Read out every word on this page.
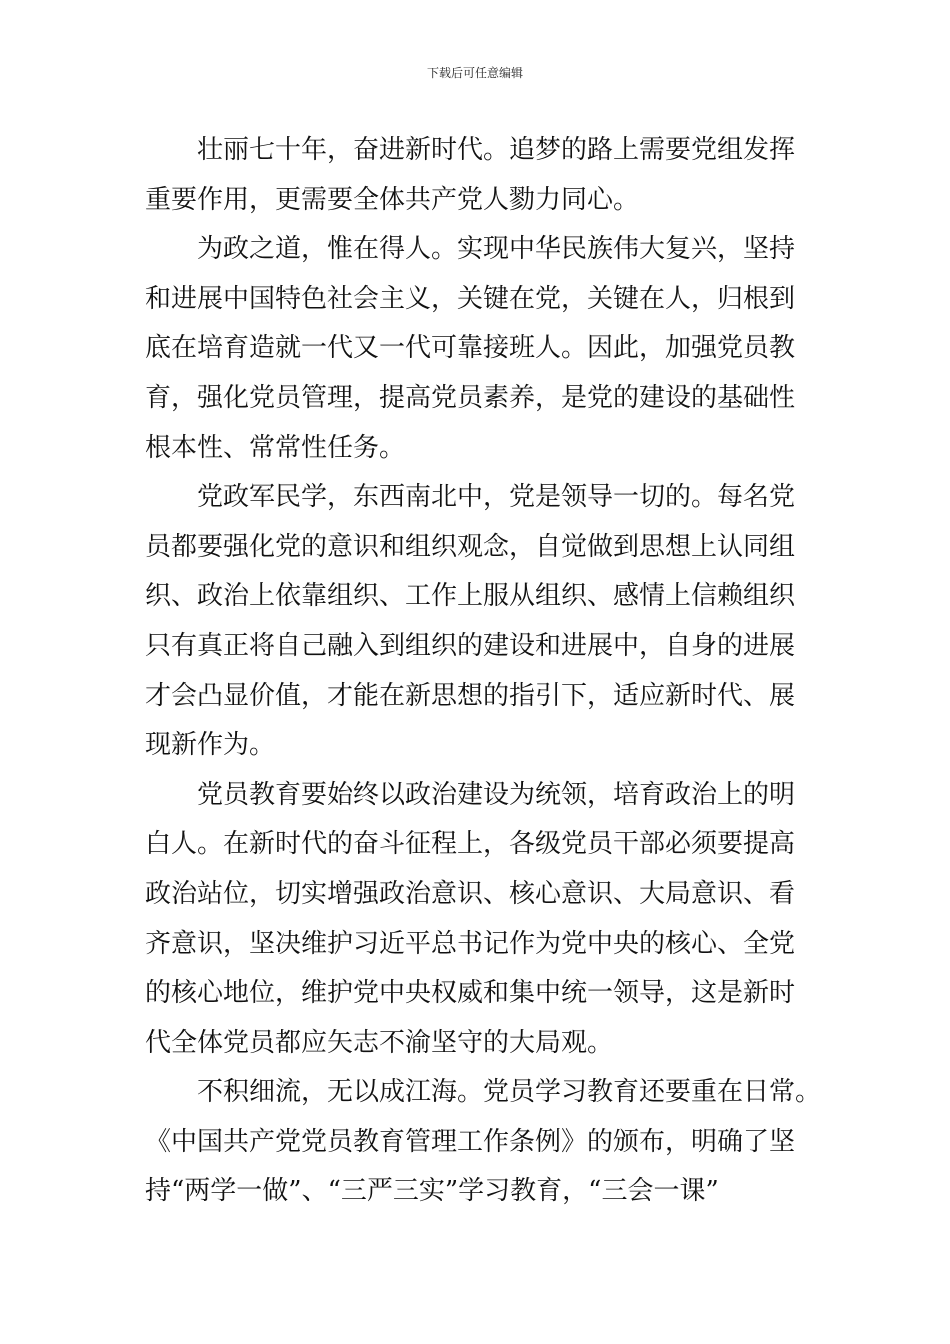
下载后可任意编辑
壮丽七十年，奋进新时代。追梦的路上需要党组发挥
重要作用，更需要全体共产党人勠力同心。
为政之道，惟在得人。实现中华民族伟大复兴，坚持
和进展中国特色社会主义，关键在党，关键在人，归根到
底在培育造就一代又一代可靠接班人。因此，加强党员教
育，强化党员管理，提高党员素养，是党的建设的基础性
根本性、常常性任务。
党政军民学，东西南北中，党是领导一切的。每名党
员都要强化党的意识和组织观念，自觉做到思想上认同组
织、政治上依靠组织、工作上服从组织、感情上信赖组织
只有真正将自己融入到组织的建设和进展中，自身的进展
才会凸显价值，才能在新思想的指引下，适应新时代、展
现新作为。
党员教育要始终以政治建设为统领，培育政治上的明
白人。在新时代的奋斗征程上，各级党员干部必须要提高
政治站位，切实增强政治意识、核心意识、大局意识、看
齐意识，坚决维护习近平总书记作为党中央的核心、全党
的核心地位，维护党中央权威和集中统一领导，这是新时
代全体党员都应矢志不渝坚守的大局观。
不积细流，无以成江海。党员学习教育还要重在日常。
《中国共产党党员教育管理工作条例》的颁布，明确了坚
持“两学一做”、“三严三实”学习教育，“三会一课”
